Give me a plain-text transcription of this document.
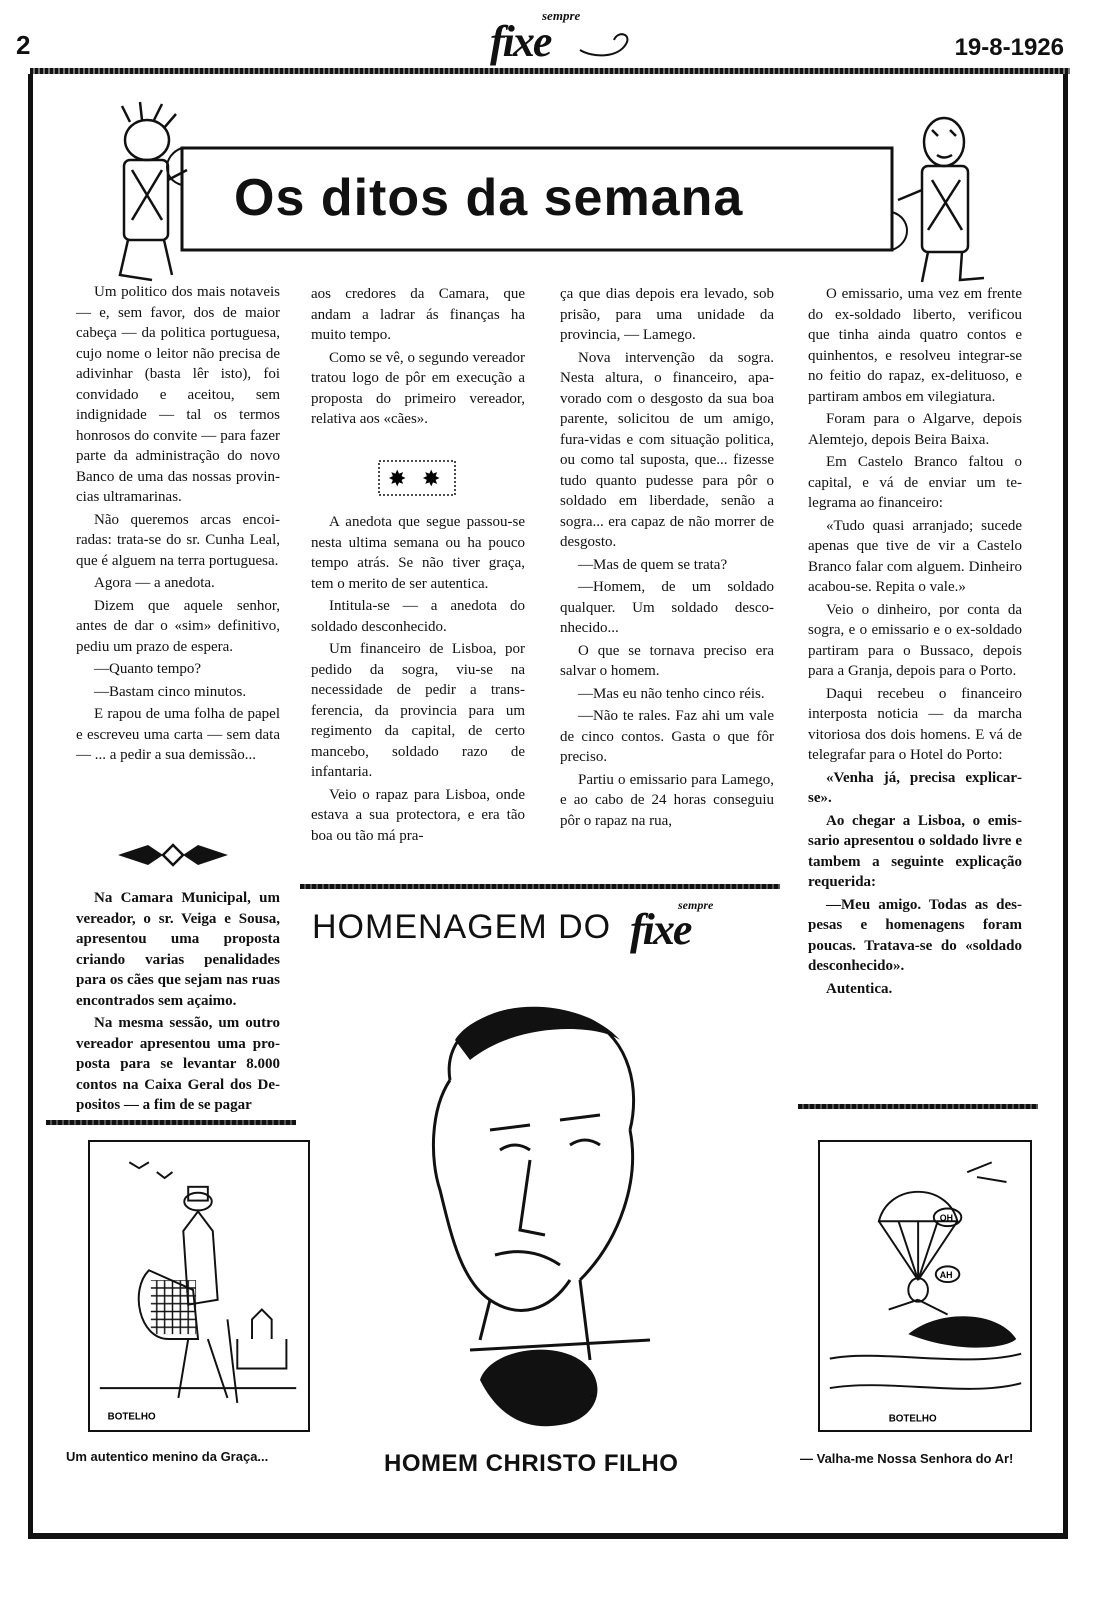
2
sempre
fixe	19-8-1926
Os ditos da semana

Um politico dos mais notaveis — e, sem favor, dos de maior cabeça — da politica portuguesa, cujo nome o leitor não precisa de adivinhar (basta lêr isto), foi convidado e aceitou, sem indignidade — tal os termos honrosos do convite — para fazer parte da administração do novo Banco de uma das nossas provincias ultramarinas.

Não queremos arcas encoiradas: trata-se do sr. Cunha Leal, que é alguem na terra portuguesa.

Agora — a anedota.

Dizem que aquele senhor, antes de dar o «sim» definitivo, pediu um prazo de espera.

—Quanto tempo?

—Bastam cinco minutos.

E rapou de uma folha de papel e escreveu uma carta — sem data — ... a pedir a sua demissão...

Na Camara Municipal, um vereador, o sr. Veiga e Sousa, apresentou uma proposta criando varias penalidades para os cães que sejam nas ruas encontrados sem açaimo.

Na mesma sessão, um outro vereador apresentou uma proposta para se levantar 8.000 contos na Caixa Geral dos Depositos — a fim de se pagar

aos credores da Camara, que andam a ladrar ás finanças ha muito tempo.

Como se vê, o segundo vereador tratou logo de pôr em execução a proposta do primeiro vereador, relativa aos «cães».

✸ ✸

A anedota que segue passou-se nesta ultima semana ou ha pouco tempo atrás. Se não tiver graça, tem o merito de ser autentica.

Intitula-se — a anedota do soldado desconhecido.

Um financeiro de Lisboa, por pedido da sogra, viu-se na necessidade de pedir a transferencia, da provincia para um regimento da capital, de certo mancebo, soldado razo de infantaria.

Veio o rapaz para Lisboa, onde estava a sua protectora, e era tão boa ou tão má pra-

ça que dias depois era levado, sob prisão, para uma unidade da provincia, — Lamego.

Nova intervenção da sogra. Nesta altura, o financeiro, apavorado com o desgosto da sua boa parente, solicitou de um amigo, fura-vidas e com situação politica, ou como tal suposta, que... fizesse tudo quanto pudesse para pôr o soldado em liberdade, senão a sogra... era capaz de não morrer de desgosto.

—Mas de quem se trata?

—Homem, de um soldado qualquer. Um soldado desconhecido...

O que se tornava preciso era salvar o homem.

—Mas eu não tenho cinco réis.

—Não te rales. Faz ahi um vale de cinco contos. Gasta o que fôr preciso.

Partiu o emissario para Lamego, e ao cabo de 24 horas conseguiu pôr o rapaz na rua,

O emissario, uma vez em frente do ex-soldado liberto, verificou que tinha ainda quatro contos e quinhentos, e resolveu integrar-se no feitio do rapaz, ex-delituoso, e partiram ambos em vilegiatura.

Foram para o Algarve, depois Alemtejo, depois Beira Baixa.

Em Castelo Branco faltou o capital, e vá de enviar um telegrama ao financeiro:

«Tudo quasi arranjado; sucede apenas que tive de vir a Castelo Branco falar com alguem. Dinheiro acabou-se. Repita o vale.»

Veio o dinheiro, por conta da sogra, e o emissario e o ex-soldado partiram para o Bussaco, depois para a Granja, depois para o Porto.

Daqui recebeu o financeiro interposta noticia — da marcha vitoriosa dos dois homens. E vá de telegrafar para o Hotel do Porto:

«Venha já, precisa explicarse».

Ao chegar a Lisboa, o emissario apresentou o soldado livre e tambem a seguinte explicação requerida:

—Meu amigo. Todas as despesas e homenagens foram poucas. Tratava-se do «soldado desconhecido».

Autentica.

HOMENAGEM DO
sempre
fixe
~
BOTELHO
OH
AH
BOTELHO
Um autentico menino da Graça...	HOMEM CHRISTO FILHO	— Valha-me Nossa Senhora do Ar!
